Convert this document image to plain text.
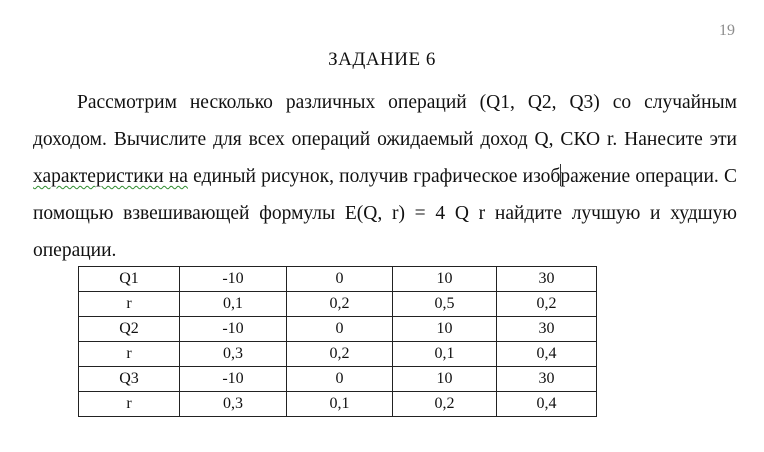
19
ЗАДАНИЕ 6
Рассмотрим несколько различных операций (Q1, Q2, Q3) со случайным доходом. Вычислите для всех операций ожидаемый доход Q, СКО r. Нанесите эти характеристики на единый рисунок, получив графическое изображение операции. С помощью взвешивающей формулы E(Q, r) = 4 Q r найдите лучшую и худшую операции.
Q1	-10	0	10	30
r	0,1	0,2	0,5	0,2
Q2	-10	0	10	30
r	0,3	0,2	0,1	0,4
Q3	-10	0	10	30
r	0,3	0,1	0,2	0,4
